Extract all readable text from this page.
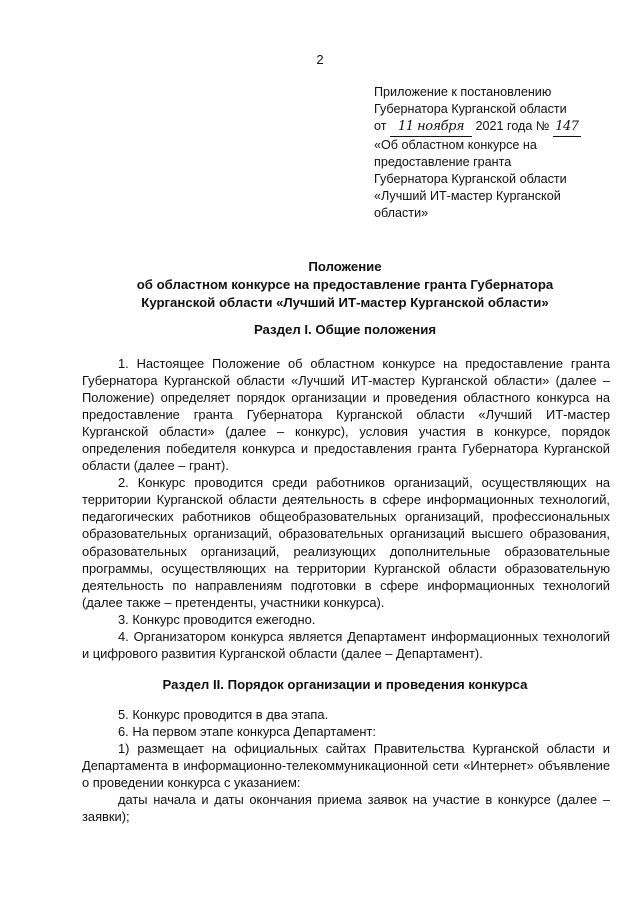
2
Приложение к постановлению
Губернатора Курганской области
от 11 ноября 2021 года № 147
«Об областном конкурсе на
предоставление гранта
Губернатора Курганской области
«Лучший ИТ-мастер Курганской
области»
Положение
об областном конкурсе на предоставление гранта Губернатора
Курганской области «Лучший ИТ-мастер Курганской области»
Раздел I. Общие положения

1. Настоящее Положение об областном конкурсе на предоставление гранта Губернатора Курганской области «Лучший ИТ-мастер Курганской области» (далее – Положение) определяет порядок организации и проведения областного конкурса на предоставление гранта Губернатора Курганской области «Лучший ИТ-мастер Курганской области» (далее – конкурс), условия участия в конкурсе, порядок определения победителя конкурса и предоставления гранта Губернатора Курганской области (далее – грант).

2. Конкурс проводится среди работников организаций, осуществляющих на территории Курганской области деятельность в сфере информационных технологий, педагогических работников общеобразовательных организаций, профессиональных образовательных организаций, образовательных организаций высшего образования, образовательных организаций, реализующих дополнительные образовательные программы, осуществляющих на территории Курганской области образовательную деятельность по направлениям подготовки в сфере информационных технологий (далее также – претенденты, участники конкурса).

3. Конкурс проводится ежегодно.

4. Организатором конкурса является Департамент информационных технологий и цифрового развития Курганской области (далее – Департамент).

Раздел II. Порядок организации и проведения конкурса

5. Конкурс проводится в два этапа.

6. На первом этапе конкурса Департамент:

1) размещает на официальных сайтах Правительства Курганской области и Департамента в информационно-телекоммуникационной сети «Интернет» объявление о проведении конкурса с указанием:

даты начала и даты окончания приема заявок на участие в конкурсе (далее – заявки);
